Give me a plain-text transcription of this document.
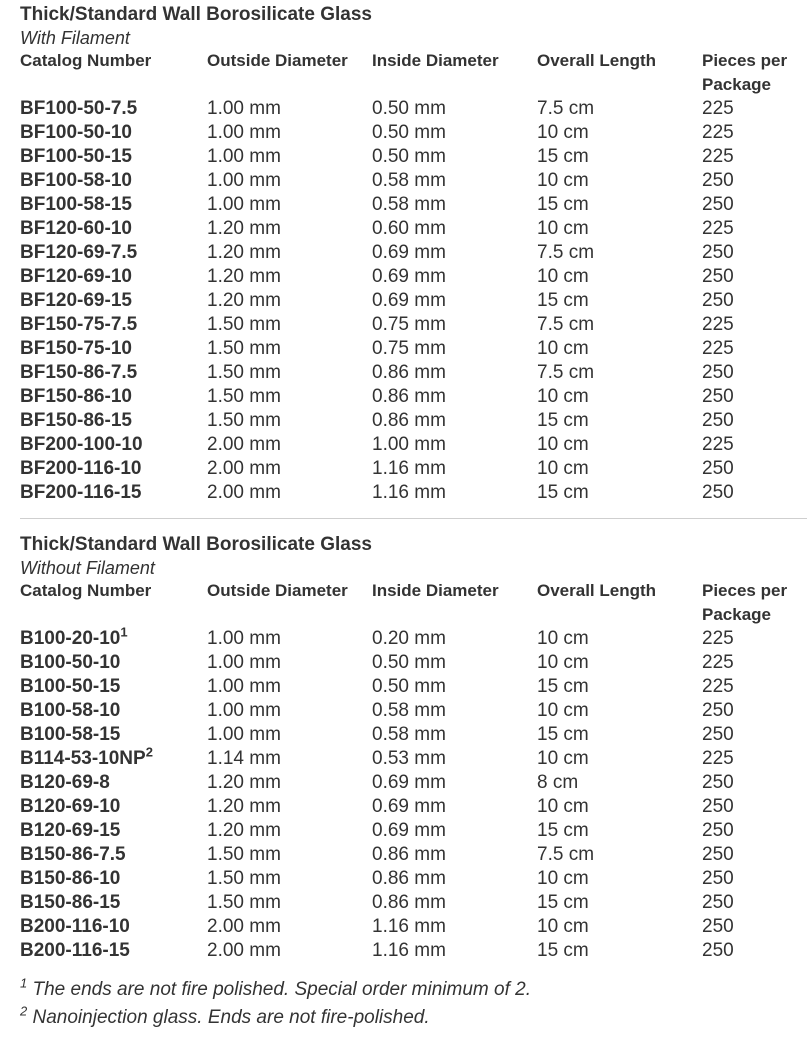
Thick/Standard Wall Borosilicate Glass
With Filament
Catalog Number	Outside Diameter	Inside Diameter	Overall Length	Pieces per
Package
BF100-50-7.5	1.00 mm	0.50 mm	7.5 cm	225
BF100-50-10	1.00 mm	0.50 mm	10 cm	225
BF100-50-15	1.00 mm	0.50 mm	15 cm	225
BF100-58-10	1.00 mm	0.58 mm	10 cm	250
BF100-58-15	1.00 mm	0.58 mm	15 cm	250
BF120-60-10	1.20 mm	0.60 mm	10 cm	225
BF120-69-7.5	1.20 mm	0.69 mm	7.5 cm	250
BF120-69-10	1.20 mm	0.69 mm	10 cm	250
BF120-69-15	1.20 mm	0.69 mm	15 cm	250
BF150-75-7.5	1.50 mm	0.75 mm	7.5 cm	225
BF150-75-10	1.50 mm	0.75 mm	10 cm	225
BF150-86-7.5	1.50 mm	0.86 mm	7.5 cm	250
BF150-86-10	1.50 mm	0.86 mm	10 cm	250
BF150-86-15	1.50 mm	0.86 mm	15 cm	250
BF200-100-10	2.00 mm	1.00 mm	10 cm	225
BF200-116-10	2.00 mm	1.16 mm	10 cm	250
BF200-116-15	2.00 mm	1.16 mm	15 cm	250
Thick/Standard Wall Borosilicate Glass
Without Filament
Catalog Number	Outside Diameter	Inside Diameter	Overall Length	Pieces per
Package
$B100-20-10^1$	1.00 mm	0.20 mm	10 cm	225
B100-50-10	1.00 mm	0.50 mm	10 cm	225
B100-50-15	1.00 mm	0.50 mm	15 cm	225
B100-58-10	1.00 mm	0.58 mm	10 cm	250
B100-58-15	1.00 mm	0.58 mm	15 cm	250
$B114-53-10NP^2$	1.14 mm	0.53 mm	10 cm	225
B120-69-8	1.20 mm	0.69 mm	8 cm	250
B120-69-10	1.20 mm	0.69 mm	10 cm	250
B120-69-15	1.20 mm	0.69 mm	15 cm	250
B150-86-7.5	1.50 mm	0.86 mm	7.5 cm	250
B150-86-10	1.50 mm	0.86 mm	10 cm	250
B150-86-15	1.50 mm	0.86 mm	15 cm	250
B200-116-10	2.00 mm	1.16 mm	10 cm	250
B200-116-15	2.00 mm	1.16 mm	15 cm	250
$^1$ The ends are not fire polished. Special order minimum of 2.
$^2$ Nanoinjection glass. Ends are not fire-polished.
